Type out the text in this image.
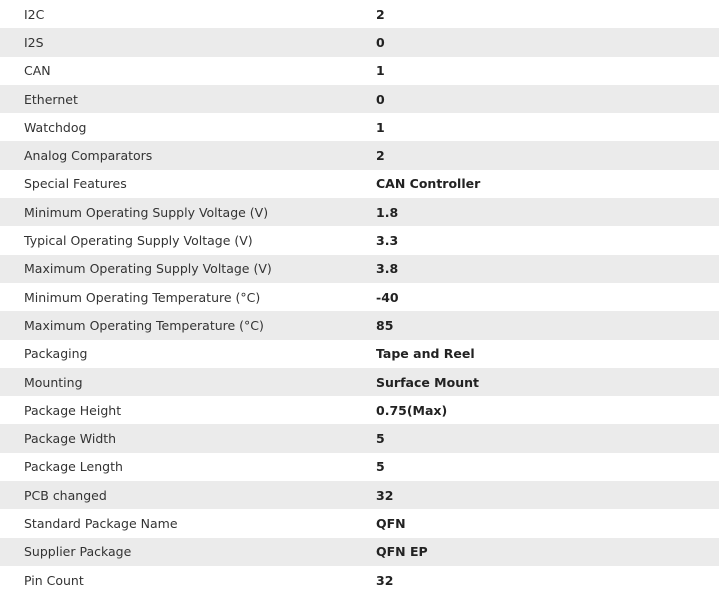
I2C	2
I2S	0
CAN	1
Ethernet	0
Watchdog	1
Analog Comparators	2
Special Features	CAN Controller
Minimum Operating Supply Voltage (V)	1.8
Typical Operating Supply Voltage (V)	3.3
Maximum Operating Supply Voltage (V)	3.8
Minimum Operating Temperature (°C)	-40
Maximum Operating Temperature (°C)	85
Packaging	Tape and Reel
Mounting	Surface Mount
Package Height	0.75(Max)
Package Width	5
Package Length	5
PCB changed	32
Standard Package Name	QFN
Supplier Package	QFN EP
Pin Count	32
